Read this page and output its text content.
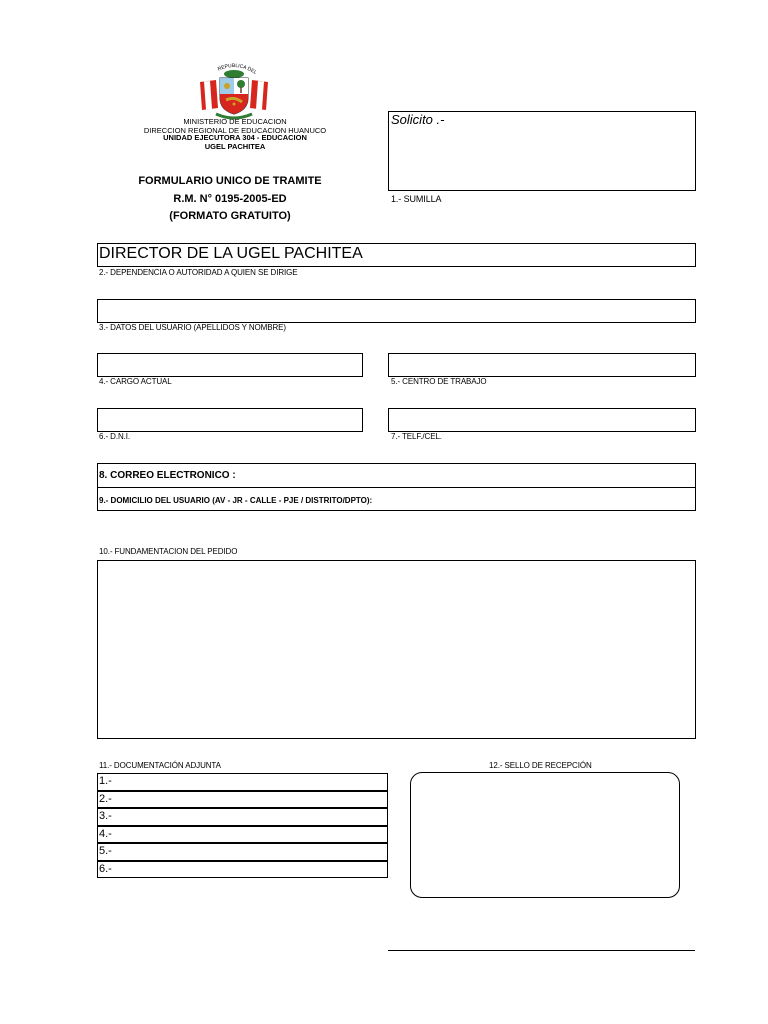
REPUBLICA DEL
MINISTERIO DE EDUCACION
DIRECCION REGIONAL DE EDUCACION HUANUCO
UNIDAD EJECUTORA 304 - EDUCACION
UGEL PACHITEA
FORMULARIO UNICO DE TRAMITE
R.M. N° 0195-2005-ED
(FORMATO GRATUITO)
Solicito .-
1.- SUMILLA
DIRECTOR DE LA UGEL PACHITEA
2.- DEPENDENCIA O AUTORIDAD A QUIEN SE DIRIGE
3.- DATOS DEL USUARIO (APELLIDOS Y NOMBRE)
4.- CARGO ACTUAL	5.- CENTRO DE TRABAJO
6.- D.N.I.	7.- TELF./CEL.
8. CORREO ELECTRONICO :
9.- DOMICILIO DEL USUARIO (AV - JR - CALLE - PJE / DISTRITO/DPTO):
10.- FUNDAMENTACION DEL PEDIDO
11.- DOCUMENTACIÓN ADJUNTA
1.-
2.-
3.-
4.-
5.-
6.-
12.- SELLO DE RECEPCIÓN
